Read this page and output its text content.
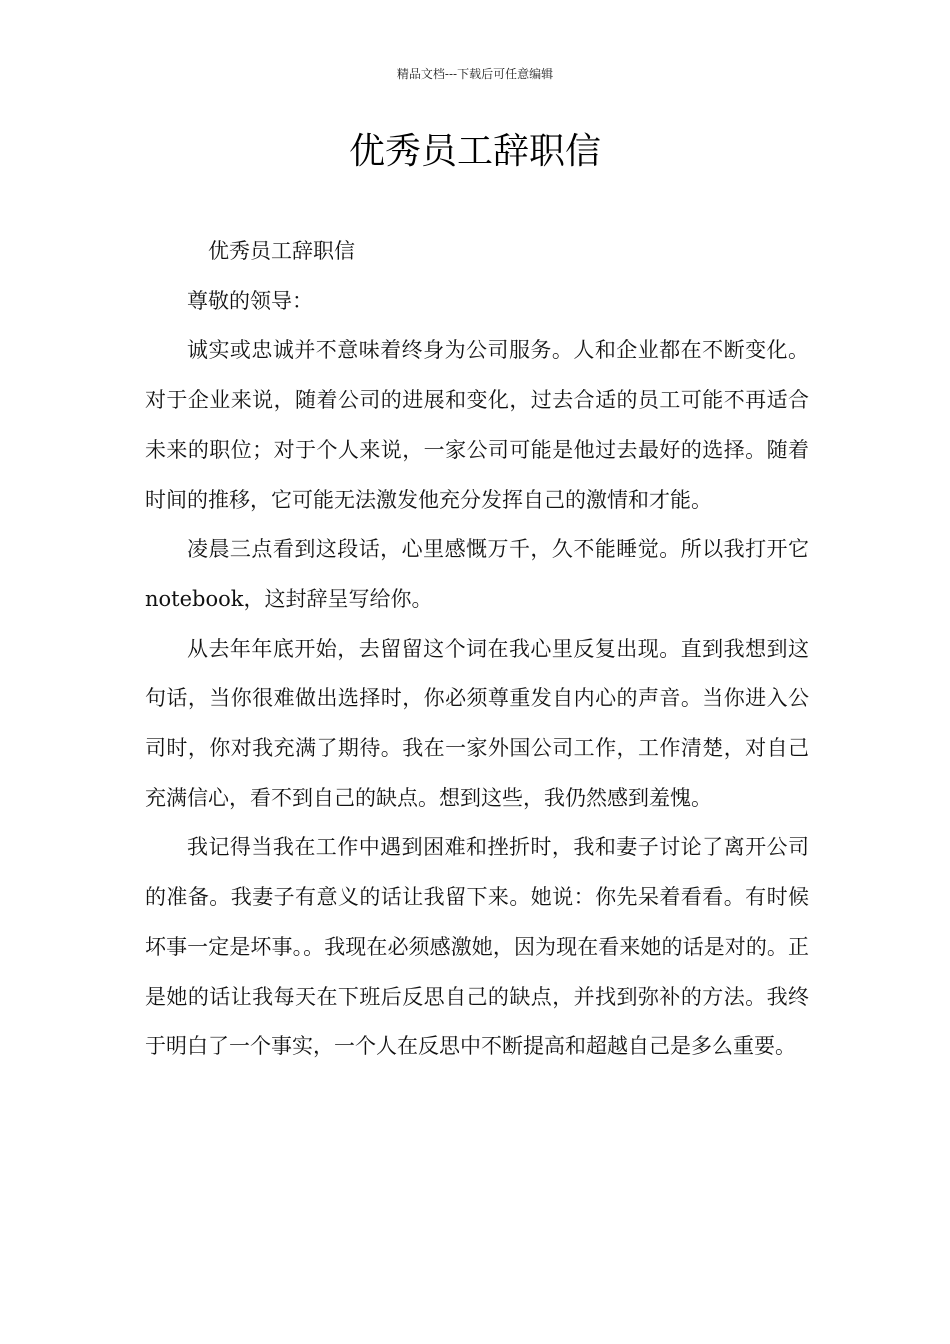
精品文档---下载后可任意编辑
优秀员工辞职信

优秀员工辞职信

尊敬的领导：

诚实或忠诚并不意味着终身为公司服务。人和企业都在不断变化。对于企业来说，随着公司的进展和变化，过去合适的员工可能不再适合未来的职位；对于个人来说，一家公司可能是他过去最好的选择。随着时间的推移，它可能无法激发他充分发挥自己的激情和才能。

凌晨三点看到这段话，心里感慨万千，久不能睡觉。所以我打开它notebook，这封辞呈写给你。

从去年年底开始，去留留这个词在我心里反复出现。直到我想到这句话，当你很难做出选择时，你必须尊重发自内心的声音。当你进入公司时，你对我充满了期待。我在一家外国公司工作，工作清楚，对自己充满信心，看不到自己的缺点。想到这些，我仍然感到羞愧。

我记得当我在工作中遇到困难和挫折时，我和妻子讨论了离开公司的准备。我妻子有意义的话让我留下来。她说：你先呆着看看。有时候坏事一定是坏事。。我现在必须感激她，因为现在看来她的话是对的。正是她的话让我每天在下班后反思自己的缺点，并找到弥补的方法。我终于明白了一个事实，一个人在反思中不断提高和超越自己是多么重要。
